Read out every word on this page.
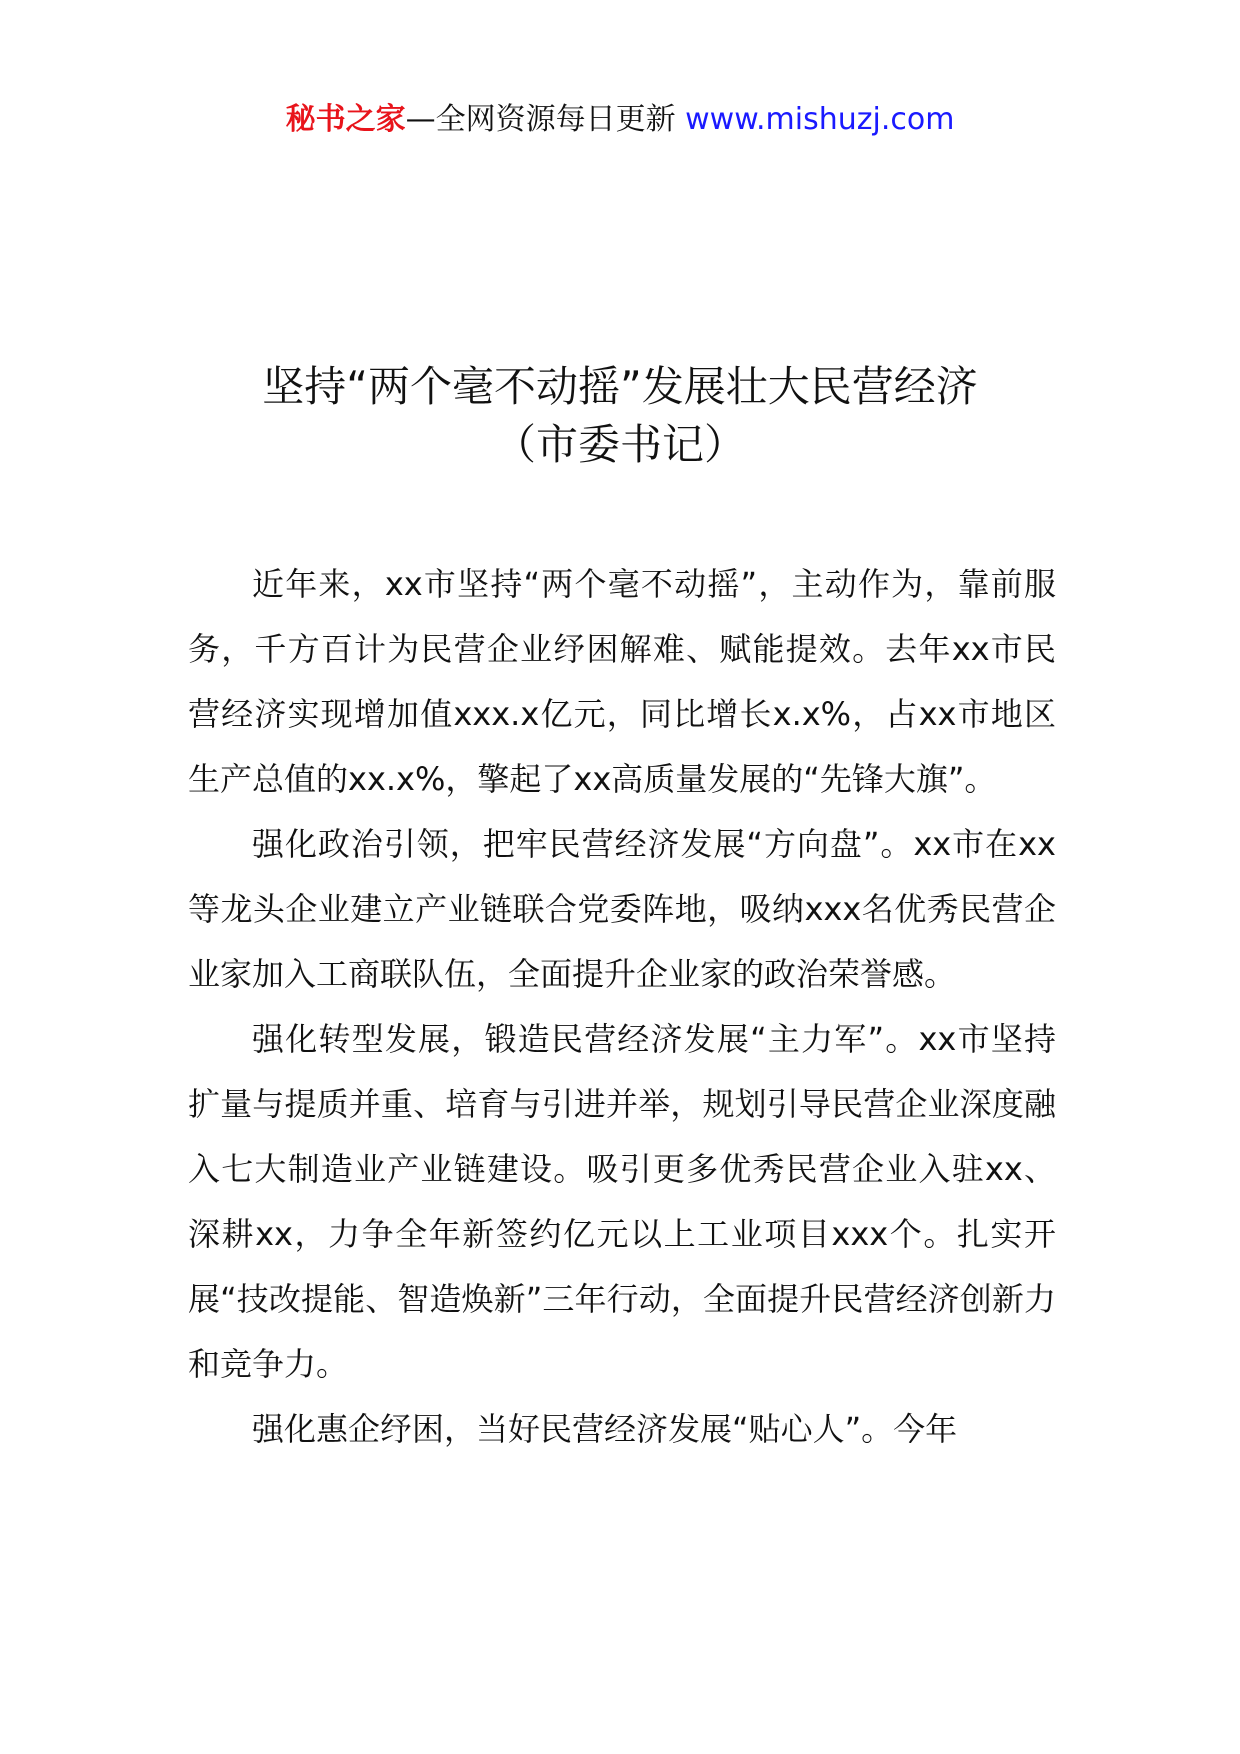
秘书之家—全网资源每日更新 www.mishuzj.com
坚持“两个毫不动摇”发展壮大民营经济
（市委书记）

近年来，xx市坚持“两个毫不动摇”，主动作为，靠前服务，千方百计为民营企业纾困解难、赋能提效。去年xx市民营经济实现增加值xxx.x亿元，同比增长x.x%，占xx市地区生产总值的xx.x%，擎起了xx高质量发展的“先锋大旗”。

强化政治引领，把牢民营经济发展“方向盘”。xx市在xx等龙头企业建立产业链联合党委阵地，吸纳xxx名优秀民营企业家加入工商联队伍，全面提升企业家的政治荣誉感。

强化转型发展，锻造民营经济发展“主力军”。xx市坚持扩量与提质并重、培育与引进并举，规划引导民营企业深度融入七大制造业产业链建设。吸引更多优秀民营企业入驻xx、深耕xx，力争全年新签约亿元以上工业项目xxx个。扎实开展“技改提能、智造焕新”三年行动，全面提升民营经济创新力和竞争力。

强化惠企纾困，当好民营经济发展“贴心人”。今年
